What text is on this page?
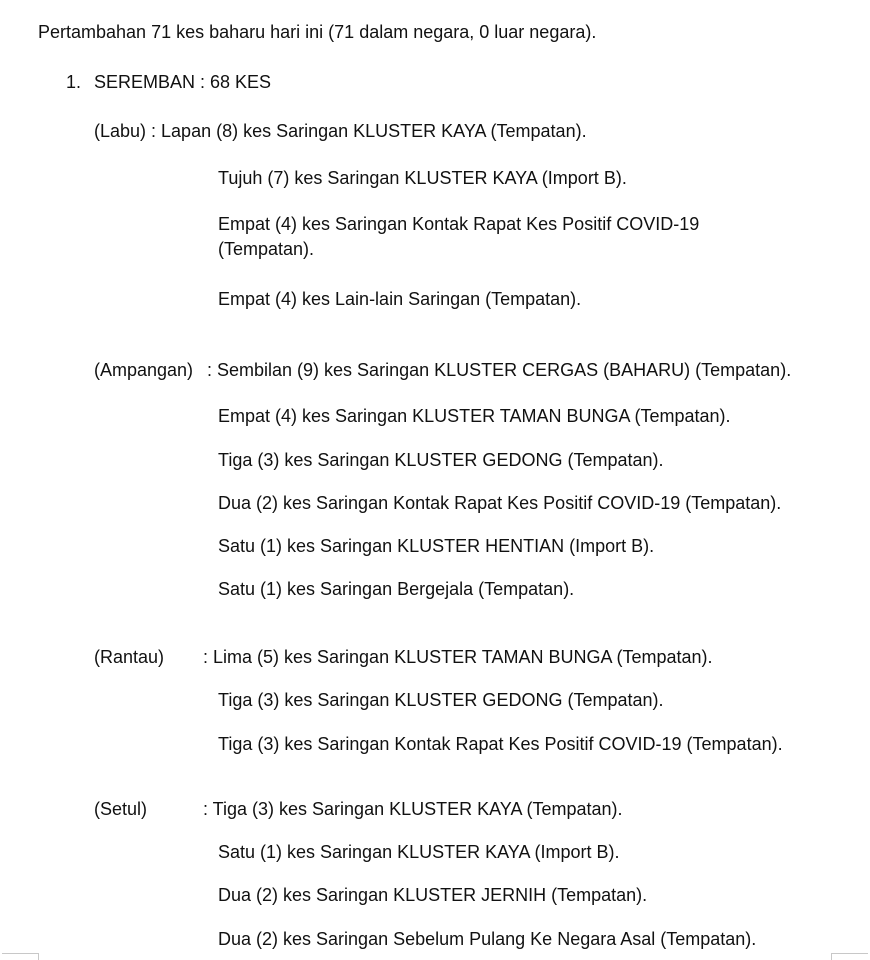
Pertambahan 71 kes baharu hari ini (71 dalam negara, 0 luar negara).
1. SEREMBAN : 68 KES
(Labu) : Lapan (8) kes Saringan KLUSTER KAYA (Tempatan).
Tujuh (7) kes Saringan KLUSTER KAYA (Import B).
Empat (4) kes Saringan Kontak Rapat Kes Positif COVID-19
(Tempatan).
Empat (4) kes Lain-lain Saringan (Tempatan).
(Ampangan) : Sembilan (9) kes Saringan KLUSTER CERGAS (BAHARU) (Tempatan).
Empat (4) kes Saringan KLUSTER TAMAN BUNGA (Tempatan).
Tiga (3) kes Saringan KLUSTER GEDONG (Tempatan).
Dua (2) kes Saringan Kontak Rapat Kes Positif COVID-19 (Tempatan).
Satu (1) kes Saringan KLUSTER HENTIAN (Import B).
Satu (1) kes Saringan Bergejala (Tempatan).
(Rantau) : Lima (5) kes Saringan KLUSTER TAMAN BUNGA (Tempatan).
Tiga (3) kes Saringan KLUSTER GEDONG (Tempatan).
Tiga (3) kes Saringan Kontak Rapat Kes Positif COVID-19 (Tempatan).
(Setul)	: Tiga (3) kes Saringan KLUSTER KAYA (Tempatan).
Satu (1) kes Saringan KLUSTER KAYA (Import B).
Dua (2) kes Saringan KLUSTER JERNIH (Tempatan).
Dua (2) kes Saringan Sebelum Pulang Ke Negara Asal (Tempatan).
